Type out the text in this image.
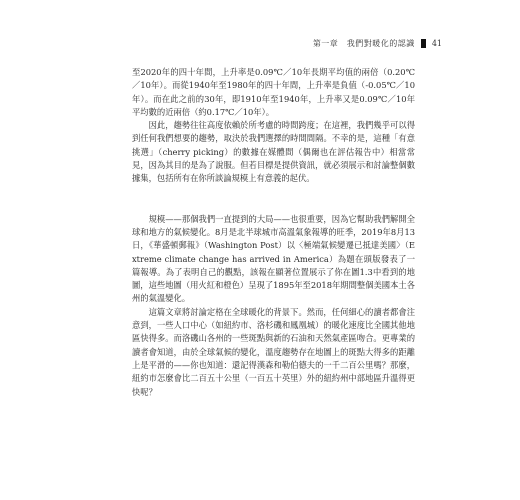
第一章　我們對暖化的認識 41

至2020年的四十年間，上升率是0.09℃／10年長期平均值的兩倍（0.20℃／10年）。而從1940年至1980年的四十年間，上升率是負值（-0.05℃／10年）。而在此之前的30年，即1910年至1940年，上升率又是0.09℃／10年平均數的近兩倍（約0.17℃／10年）。

因此，趨勢往往高度依賴於所考慮的時間跨度；在這裡，我們幾乎可以得到任何我們想要的趨勢，取決於我們選擇的時間間隔。不幸的是，這種「有意挑選」（cherry picking）的數據在媒體間（偶爾也在評估報告中）相當常見，因為其目的是為了說服。但若目標是提供資訊，就必須展示和討論整個數據集，包括所有在你所談論規模上有意義的起伏。

規模——那個我們一直提到的大局——也很重要，因為它幫助我們解開全球和地方的氣候變化。8月是北半球城市高溫氣象報導的旺季，2019年8月13日，《華盛頓郵報》（Washington Post）以〈極端氣候變遷已抵達美國〉（Extreme climate change has arrived in America）為題在頭版發表了一篇報導。為了表明自己的觀點，該報在顯著位置展示了你在圖1.3中看到的地圖，這些地圖（用火紅和橙色）呈現了1895年至2018年期間整個美國本土各州的氣溫變化。

這篇文章將討論定格在全球暖化的背景下。然而，任何細心的讀者都會注意到，一些人口中心（如紐約市、洛杉磯和鳳凰城）的暖化速度比全國其他地區快得多。而洛磯山各州的一些斑點與新的石油和天然氣產區吻合。更專業的讀者會知道，由於全球氣候的變化，溫度趨勢存在地圖上的斑點大得多的距離上是平滑的——你也知道：還記得漢森和勒伯德夫的一千二百公里嗎？那麼，紐約市怎麼會比二百五十公里（一百五十英里）外的紐約州中部地區升溫得更快呢？
